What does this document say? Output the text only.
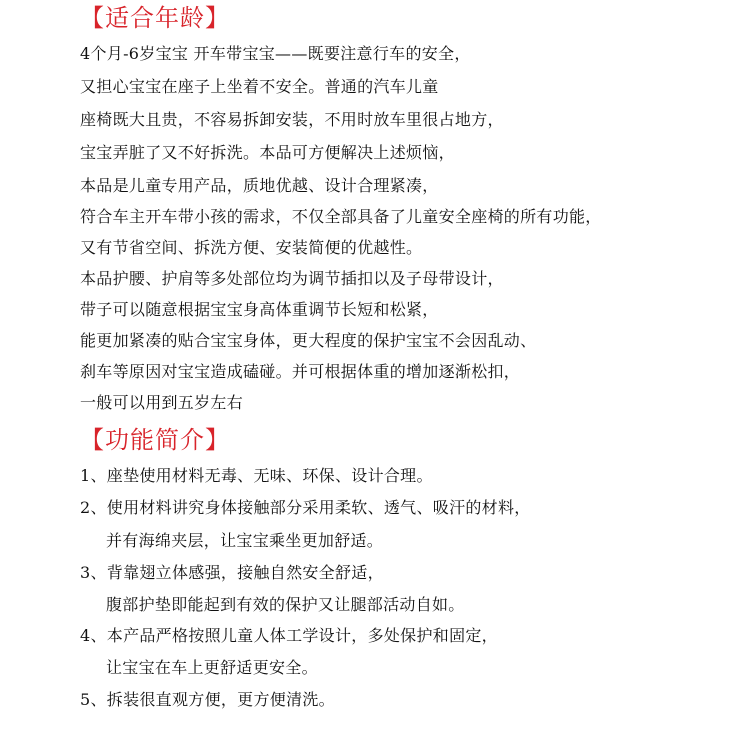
【适合年龄】
4个月-6岁宝宝 开车带宝宝——既要注意行车的安全，
又担心宝宝在座子上坐着不安全。普通的汽车儿童
座椅既大且贵，不容易拆卸安装，不用时放车里很占地方，
宝宝弄脏了又不好拆洗。本品可方便解决上述烦恼，
本品是儿童专用产品，质地优越、设计合理紧凑，
符合车主开车带小孩的需求，不仅全部具备了儿童安全座椅的所有功能，
又有节省空间、拆洗方便、安装简便的优越性。
本品护腰、护肩等多处部位均为调节插扣以及子母带设计，
带子可以随意根据宝宝身高体重调节长短和松紧，
能更加紧凑的贴合宝宝身体，更大程度的保护宝宝不会因乱动、
刹车等原因对宝宝造成磕碰。并可根据体重的增加逐渐松扣，
一般可以用到五岁左右
【功能简介】
1、座垫使用材料无毒、无味、环保、设计合理。
2、使用材料讲究身体接触部分采用柔软、透气、吸汗的材料，
并有海绵夹层，让宝宝乘坐更加舒适。
3、背靠翅立体感强，接触自然安全舒适，
腹部护垫即能起到有效的保护又让腿部活动自如。
4、本产品严格按照儿童人体工学设计，多处保护和固定，
让宝宝在车上更舒适更安全。
5、拆装很直观方便，更方便清洗。
